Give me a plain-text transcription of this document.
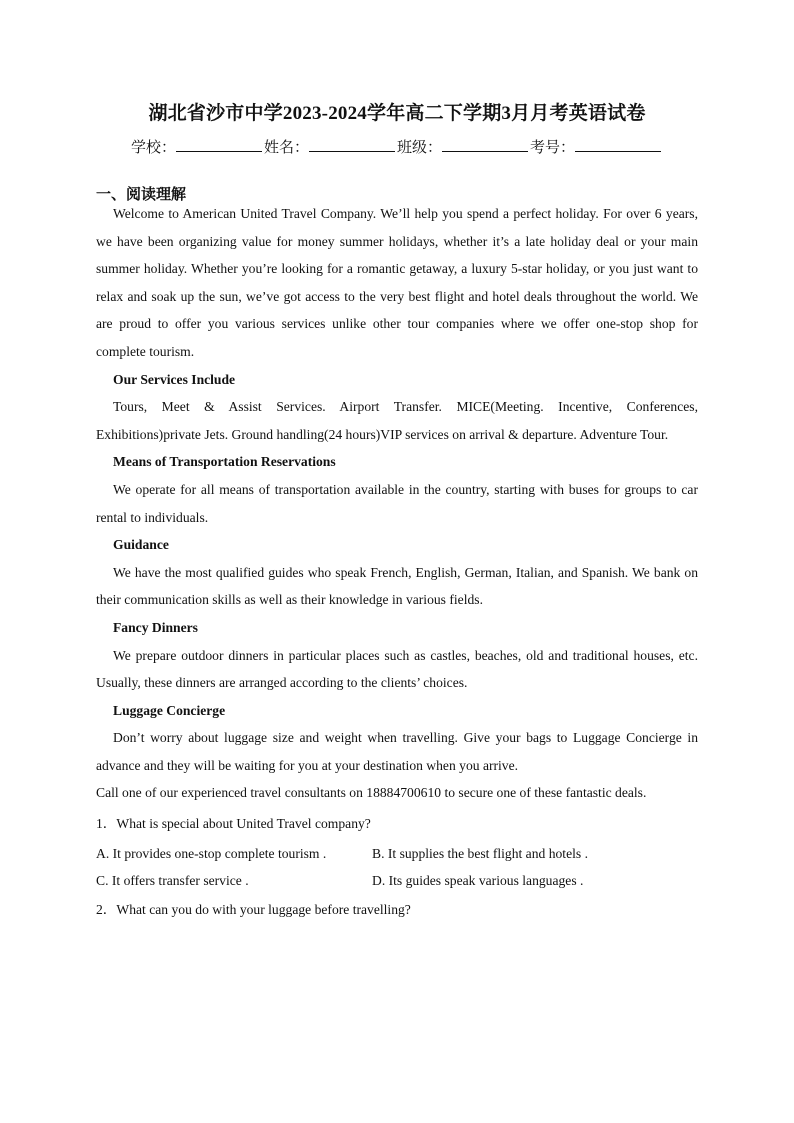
湖北省沙市中学2023-2024学年高二下学期3月月考英语试卷
学校：	姓名：	班级：	考号：
一、阅读理解

Welcome to American United Travel Company. We’ll help you spend a perfect holiday. For over 6 years, we have been organizing value for money summer holidays, whether it’s a late holiday deal or your main summer holiday. Whether you’re looking for a romantic getaway, a luxury 5-star holiday, or you just want to relax and soak up the sun, we’ve got access to the very best flight and hotel deals throughout the world. We are proud to offer you various services unlike other tour companies where we offer one-stop shop for complete tourism.

Our Services Include

Tours, Meet & Assist Services. Airport Transfer. MICE(Meeting. Incentive, Conferences, Exhibitions)private Jets. Ground handling(24 hours)VIP services on arrival & departure. Adventure Tour.

Means of Transportation Reservations

We operate for all means of transportation available in the country, starting with buses for groups to car rental to individuals.

Guidance

We have the most qualified guides who speak French, English, German, Italian, and Spanish. We bank on their communication skills as well as their knowledge in various fields.

Fancy Dinners

We prepare outdoor dinners in particular places such as castles, beaches, old and traditional houses, etc. Usually, these dinners are arranged according to the clients’ choices.

Luggage Concierge

Don’t worry about luggage size and weight when travelling. Give your bags to Luggage Concierge in advance and they will be waiting for you at your destination when you arrive.

Call one of our experienced travel consultants on 18884700610 to secure one of these fantastic deals.

1．What is special about United Travel company?

A. It provides one-stop complete tourism .	B. It supplies the best flight and hotels .
C. It offers transfer service .	D. Its guides speak various languages .

2．What can you do with your luggage before travelling?
